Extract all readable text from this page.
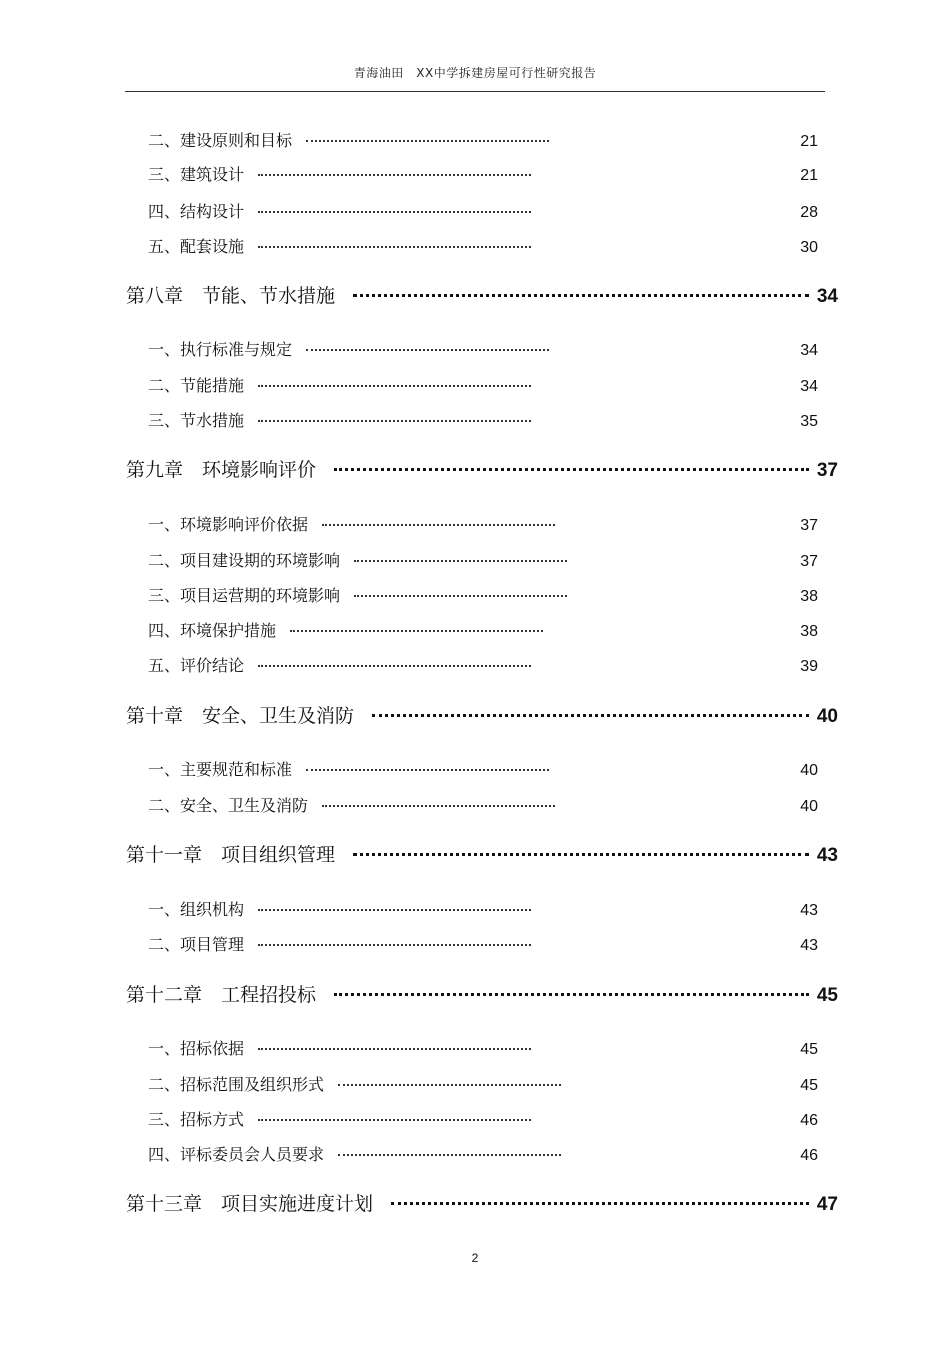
青海油田　XX中学拆建房屋可行性研究报告
二、建设原则和目标	21
三、建筑设计	21
四、结构设计	28
五、配套设施	30
第八章　节能、节水措施	34
一、执行标准与规定	34
二、节能措施	34
三、节水措施	35
第九章　环境影响评价	37
一、环境影响评价依据	37
二、项目建设期的环境影响	37
三、项目运营期的环境影响	38
四、环境保护措施	38
五、评价结论	39
第十章　安全、卫生及消防	40
一、主要规范和标准	40
二、安全、卫生及消防	40
第十一章　项目组织管理	43
一、组织机构	43
二、项目管理	43
第十二章　工程招投标	45
一、招标依据	45
二、招标范围及组织形式	45
三、招标方式	46
四、评标委员会人员要求	46
第十三章　项目实施进度计划	47
2
